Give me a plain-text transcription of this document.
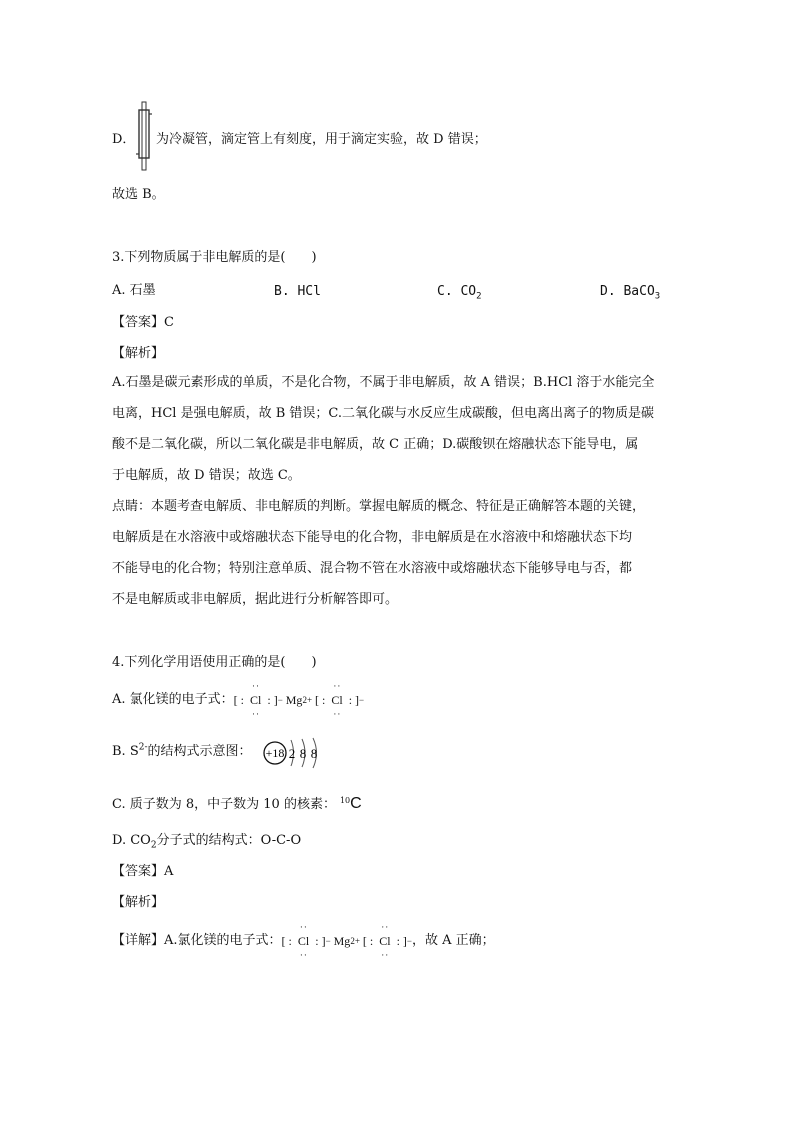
D． 为冷凝管，滴定管上有刻度，用于滴定实验，故 D 错误；
故选 B。
3.下列物质属于非电解质的是(　　)
A. 石墨	B. HCl	C. $CO_2$	D. BaCO$_3$
【答案】C
【解析】
A.石墨是碳元素形成的单质，不是化合物，不属于非电解质，故 A 错误；B.HCl 溶于水能完全
电离，HCl 是强电解质，故 B 错误；C.二氧化碳与水反应生成碳酸，但电离出离子的物质是碳
酸不是二氧化碳，所以二氧化碳是非电解质，故 C 正确；D.碳酸钡在熔融状态下能导电，属
于电解质，故 D 错误；故选 C。
点睛：本题考查电解质、非电解质的判断。掌握电解质的概念、特征是正确解答本题的关键，
电解质是在水溶液中或熔融状态下能导电的化合物，非电解质是在水溶液中和熔融状态下均
不能导电的化合物；特别注意单质、混合物不管在水溶液中或熔融状态下能够导电与否，都
不是电解质或非电解质，据此进行分析解答即可。
4.下列化学用语使用正确的是(　　)
A. 氯化镁的电子式： [ :
··
Cl
··
: ] − Mg 2+ [ :
··
Cl
··
: ] −
B. $S^{2-}$的结构式示意图： +18 2 8 8
C. 质子数为 8，中子数为 10 的核素： $^{10}$C
D. $CO_2$分子式的结构式：O-C-O
【答案】A
【解析】
【详解】A.氯化镁的电子式： [ :
··
Cl
··
: ] − Mg 2+ [ :
··
Cl
··
: ] − ，故 A 正确；
